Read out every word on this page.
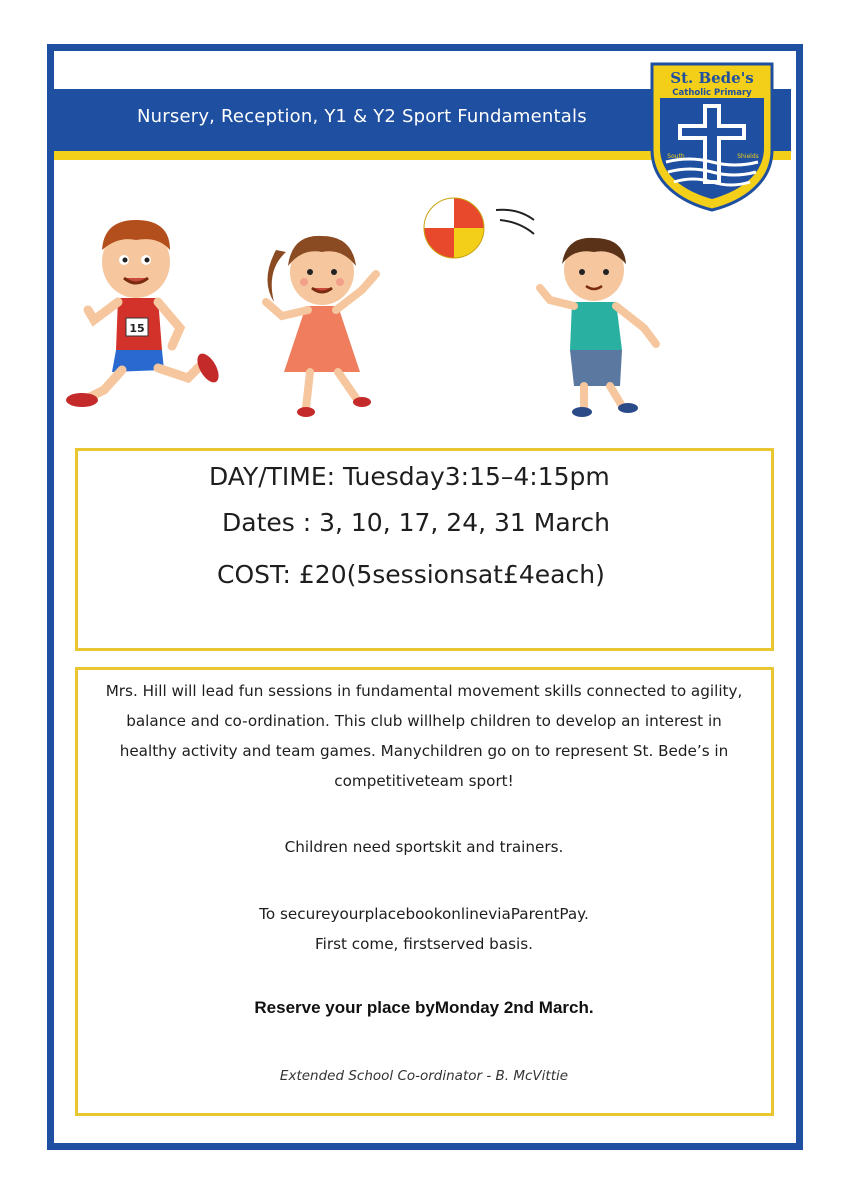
Nursery, Reception, Y1 & Y2 Sport Fundamentals
St. Bede's
Catholic Primary
South	Shields
15
DAY/TIME: Tuesday3:15–4:15pm
Dates : 3, 10, 17, 24, 31 March
COST: £20(5sessionsat£4each)
Mrs. Hill will lead fun sessions in fundamental movement skills connected to agility,
balance and co-ordination. This club willhelp children to develop an interest in
healthy activity and team games. Manychildren go on to represent St. Bede’s in
competitiveteam sport!
Children need sportskit and trainers.
To secureyourplacebookonlineviaParentPay.
First come, firstserved basis.
Reserve your place byMonday 2nd March.
Extended School Co-ordinator - B. McVittie
